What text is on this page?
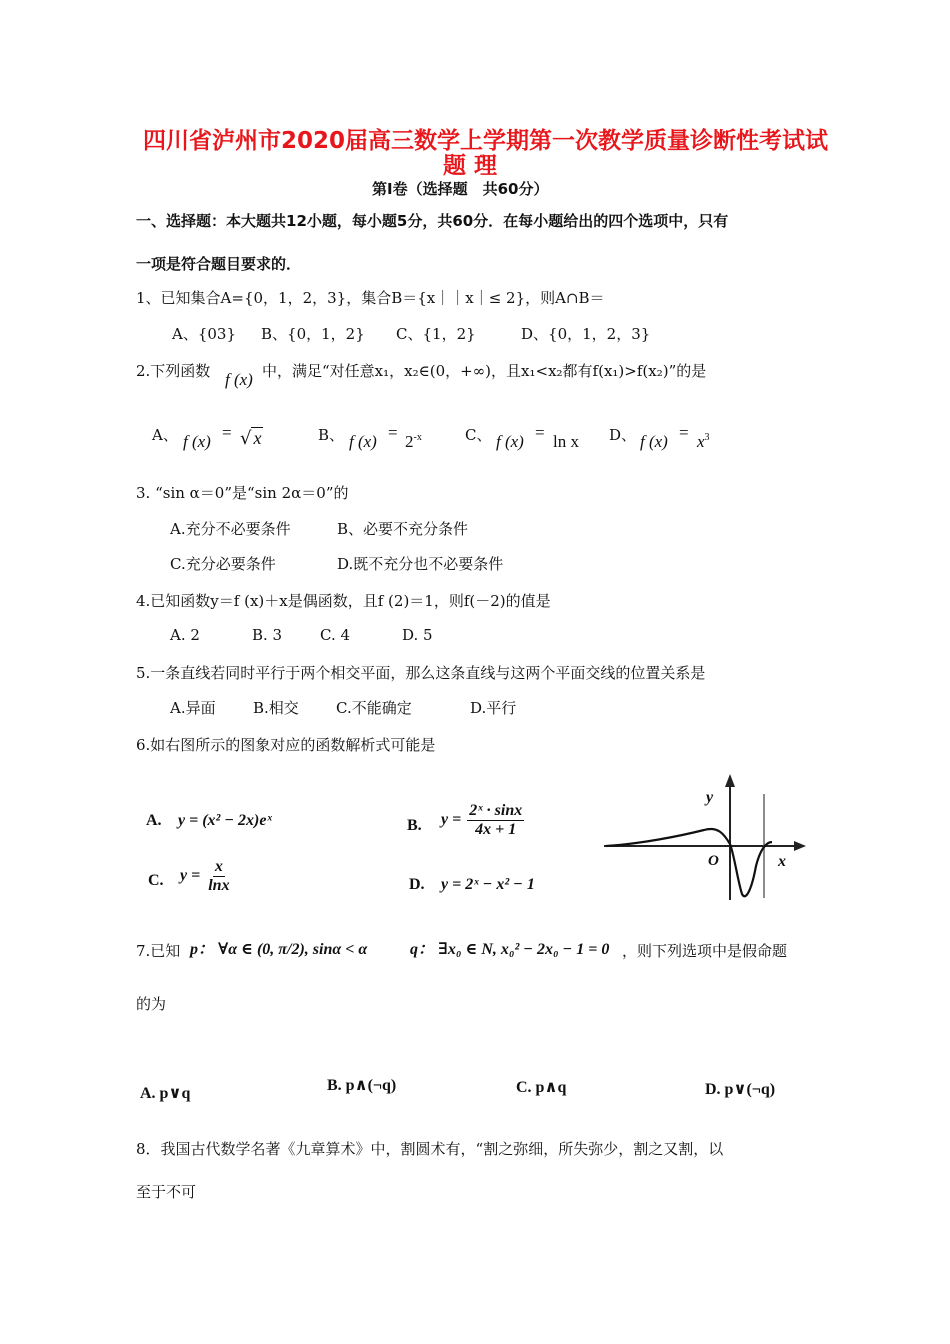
四川省泸州市2020届高三数学上学期第一次教学质量诊断性考试试
题 理
第Ⅰ卷（选择题　共60分）
一、选择题：本大题共12小题，每小题5分，共60分．在每小题给出的四个选项中，只有
一项是符合题目要求的．
1、已知集合A={0，1，2，3}，集合B＝{x｜｜x｜≤ 2}，则A∩B＝
A、{03} B、{0，1，2} C、{1，2}	D、{0，1，2，3}
2.下列函数 f (x) 中，满足“对任意x₁，x₂∈(0，+∞)，且x₁<x₂都有f(x₁)>f(x₂)”的是
A、 f (x) = √ x	B、 f $(x) = 2^{-x}$	C、 f (x) = ln x D、 f $(x) = x^3$
3. “sin α＝0”是“sin 2α＝0”的
A.充分不必要条件	B、必要不充分条件
C.充分必要条件	D.既不充分也不必要条件
4.已知函数y＝f (x)＋x是偶函数，且f (2)＝1，则f(－2)的值是
A. 2	B. 3	C. 4	D. 5
5.一条直线若同时平行于两个相交平面，那么这条直线与这两个平面交线的位置关系是
A.异面 B.相交 C.不能确定	D.平行
6.如右图所示的图象对应的函数解析式可能是
A. y = (x² − 2x)eˣ	B. $y = \frac{\text{2ˣ · sinx}}{4x + 1}$
C. $y = \frac{x}{\ln x}$	D. y = 2ˣ − x² − 1
y
x
O
7.已知 p： ∀α ∈ (0, π/2), sinα < α	q： ∃x₀ ∈ N, x₀² − 2x₀ − 1 = 0 ，则下列选项中是假命题
的为
A. p∨q	B. p∧(¬q)	C. p∧q	D. p∨(¬q)
8．我国古代数学名著《九章算术》中，割圆术有，“割之弥细，所失弥少，割之又割，以
至于不可
